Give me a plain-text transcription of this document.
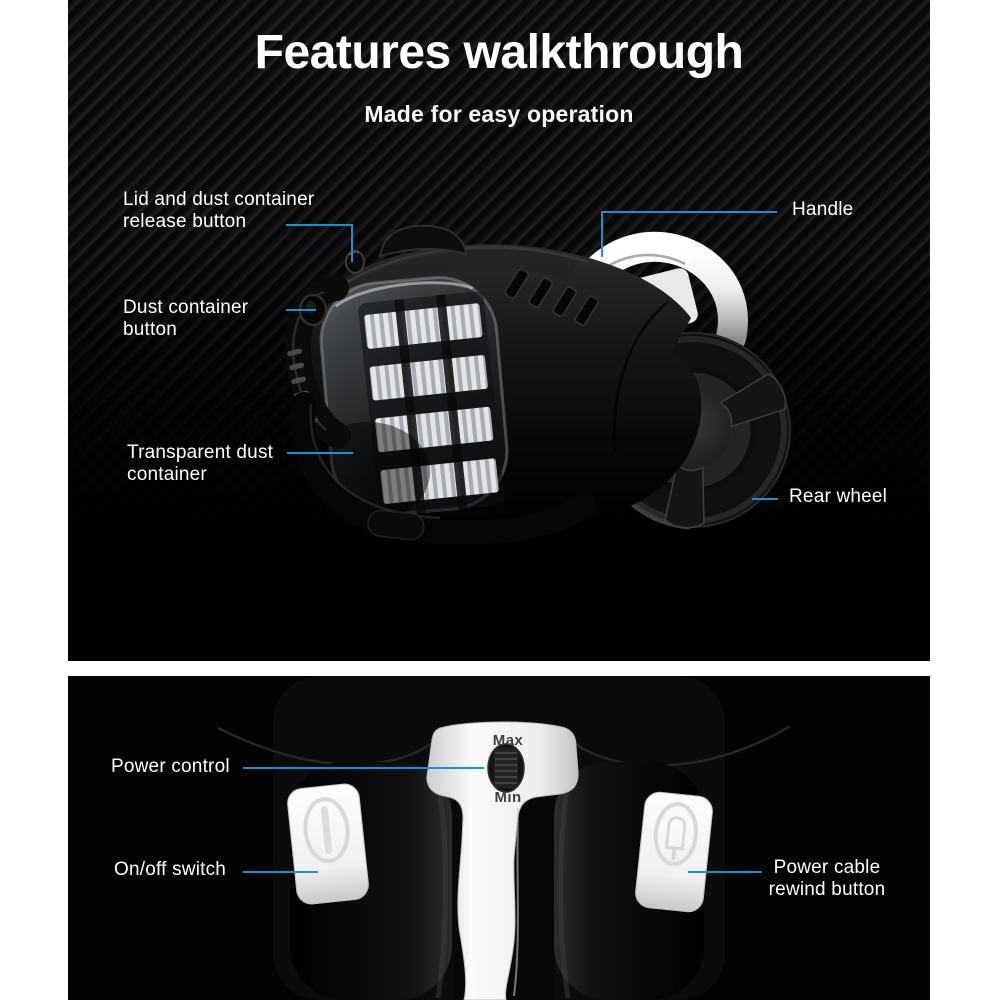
Features walkthrough
Made for easy operation
Lid and dust container release button
Dust container button
Transparent dust container
Handle
Rear wheel
Power control
On/off switch	Power cable rewind button
Max
Min
